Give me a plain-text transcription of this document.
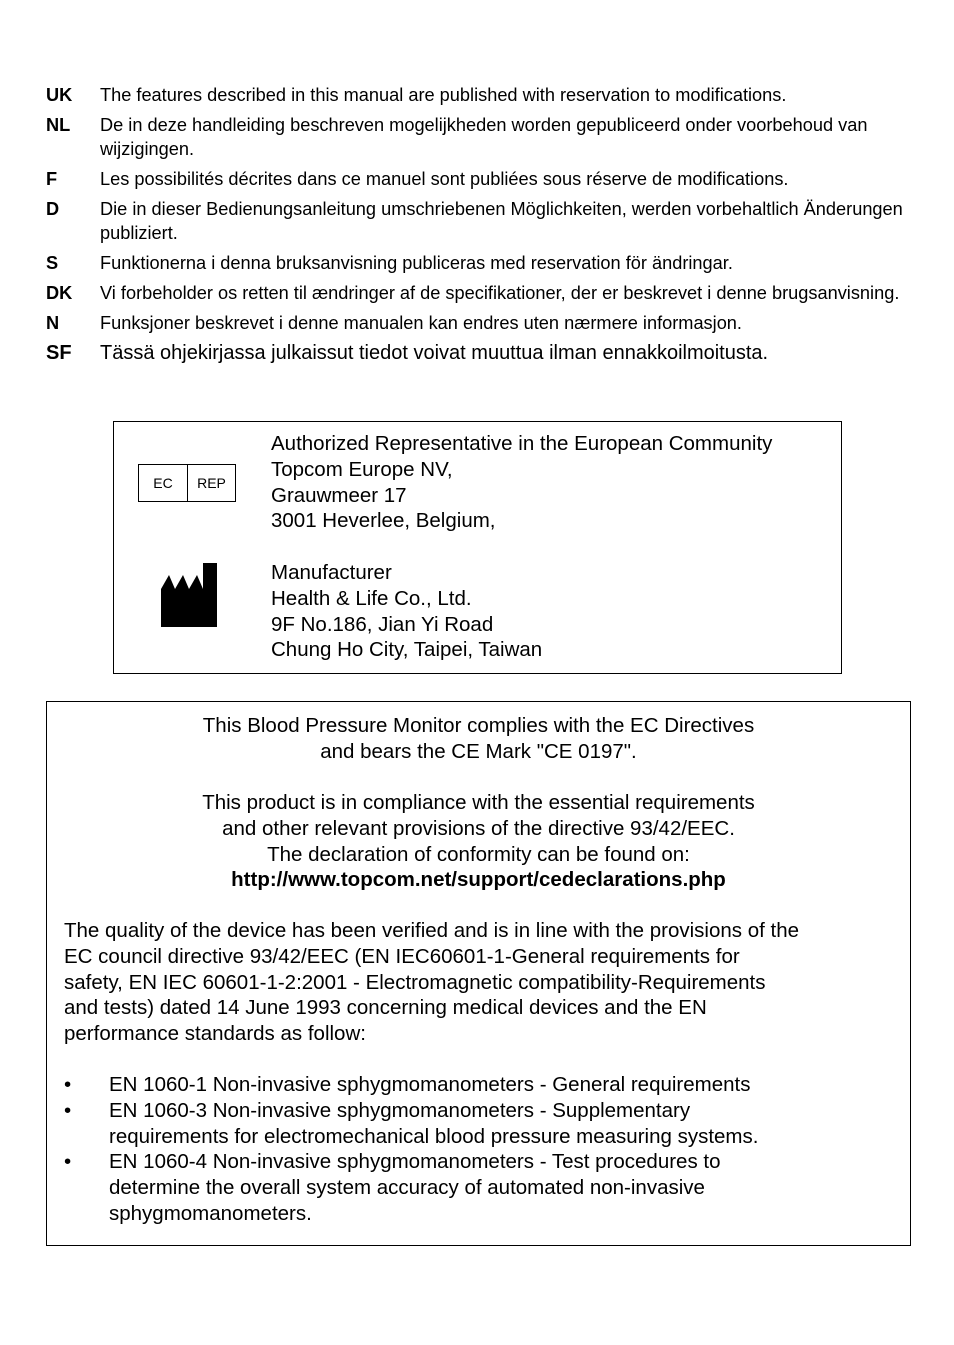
UK	The features described in this manual are published with reservation to modifications.
NL	De in deze handleiding beschreven mogelijkheden worden gepubliceerd onder voorbehoud van wijzigingen.
F	Les possibilités décrites dans ce manuel sont publiées sous réserve de modifications.
D	Die in dieser Bedienungsanleitung umschriebenen Möglichkeiten, werden vorbehaltlich Änderungen publiziert.
S	Funktionerna i denna bruksanvisning publiceras med reservation för ändringar.
DK	Vi forbeholder os retten til ændringer af de specifikationer, der er beskrevet i denne brugsanvisning.
N	Funksjoner beskrevet i denne manualen kan endres uten nærmere informasjon.
SF	Tässä ohjekirjassa julkaissut tiedot voivat muuttua ilman ennakkoilmoitusta.
EC	REP
Authorized Representative in the European Community
Topcom Europe NV,
Grauwmeer 17
3001 Heverlee, Belgium,
Manufacturer
Health & Life Co., Ltd.
9F No.186, Jian Yi Road
Chung Ho City, Taipei, Taiwan
This Blood Pressure Monitor complies with the EC Directives
and bears the CE Mark "CE 0197".
This product is in compliance with the essential requirements
and other relevant provisions of the directive 93/42/EEC.
The declaration of conformity can be found on:
http://www.topcom.net/support/cedeclarations.php
The quality of the device has been verified and is in line with the provisions of the
EC council directive 93/42/EEC (EN IEC60601-1-General requirements for
safety, EN IEC 60601-1-2:2001 - Electromagnetic compatibility-Requirements
and tests) dated 14 June 1993 concerning medical devices and the EN
performance standards as follow:
•	EN 1060-1 Non-invasive sphygmomanometers - General requirements
•	EN 1060-3 Non-invasive sphygmomanometers - Supplementary
requirements for electromechanical blood pressure measuring systems.
•	EN 1060-4 Non-invasive sphygmomanometers - Test procedures to
determine the overall system accuracy of automated non-invasive
sphygmomanometers.
